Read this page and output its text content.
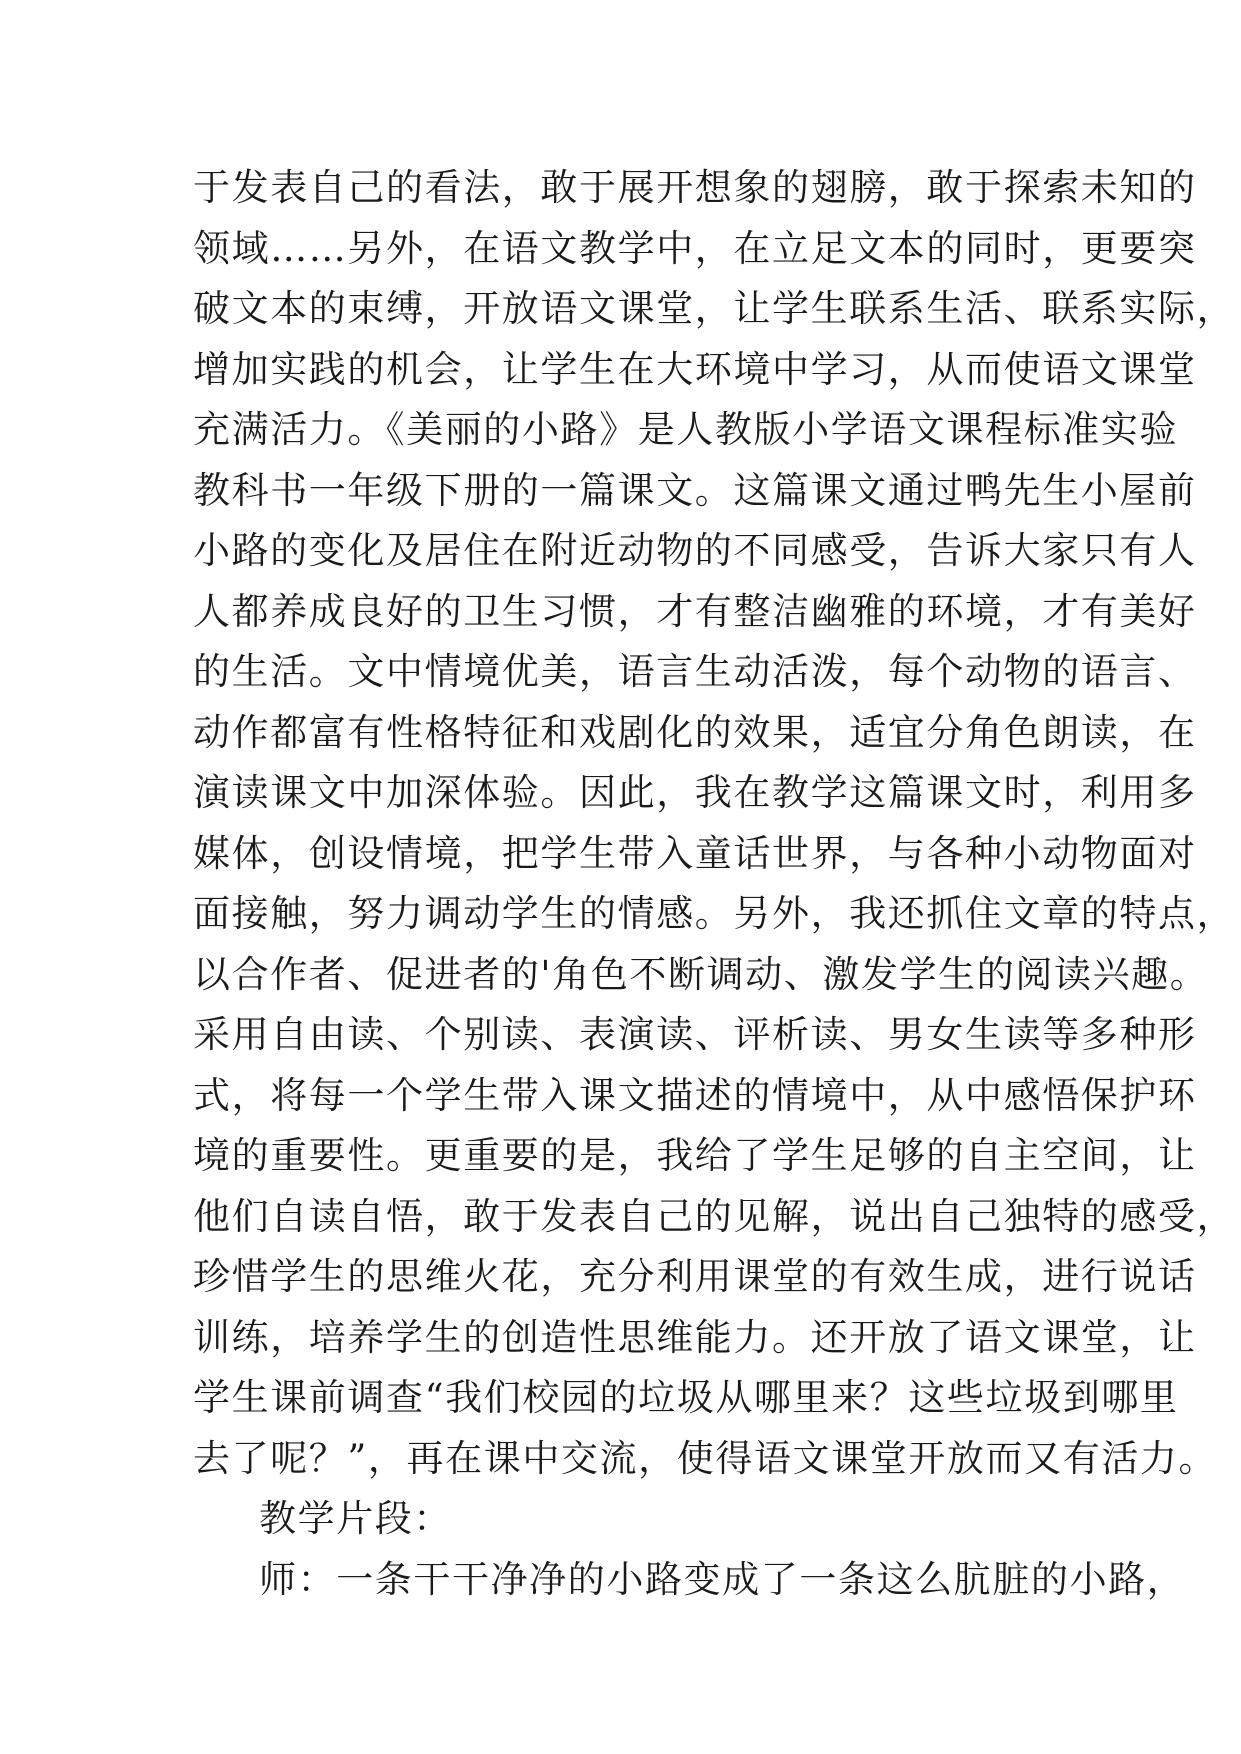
于发表自己的看法，敢于展开想象的翅膀，敢于探索未知的
领域……另外，在语文教学中，在立足文本的同时，更要突
破文本的束缚，开放语文课堂，让学生联系生活、联系实际，
增加实践的机会，让学生在大环境中学习，从而使语文课堂
充满活力。《美丽的小路》是人教版小学语文课程标准实验
教科书一年级下册的一篇课文。这篇课文通过鸭先生小屋前
小路的变化及居住在附近动物的不同感受，告诉大家只有人
人都养成良好的卫生习惯，才有整洁幽雅的环境，才有美好
的生活。文中情境优美，语言生动活泼，每个动物的语言、
动作都富有性格特征和戏剧化的效果，适宜分角色朗读，在
演读课文中加深体验。因此，我在教学这篇课文时，利用多
媒体，创设情境，把学生带入童话世界，与各种小动物面对
面接触，努力调动学生的情感。另外，我还抓住文章的特点，
以合作者、促进者的'角色不断调动、激发学生的阅读兴趣。
采用自由读、个别读、表演读、评析读、男女生读等多种形
式，将每一个学生带入课文描述的情境中，从中感悟保护环
境的重要性。更重要的是，我给了学生足够的自主空间，让
他们自读自悟，敢于发表自己的见解，说出自己独特的感受，
珍惜学生的思维火花，充分利用课堂的有效生成，进行说话
训练，培养学生的创造性思维能力。还开放了语文课堂，让
学生课前调查“我们校园的垃圾从哪里来？这些垃圾到哪里
去了呢？”，再在课中交流，使得语文课堂开放而又有活力。
教学片段：
师：一条干干净净的小路变成了一条这么肮脏的小路，
